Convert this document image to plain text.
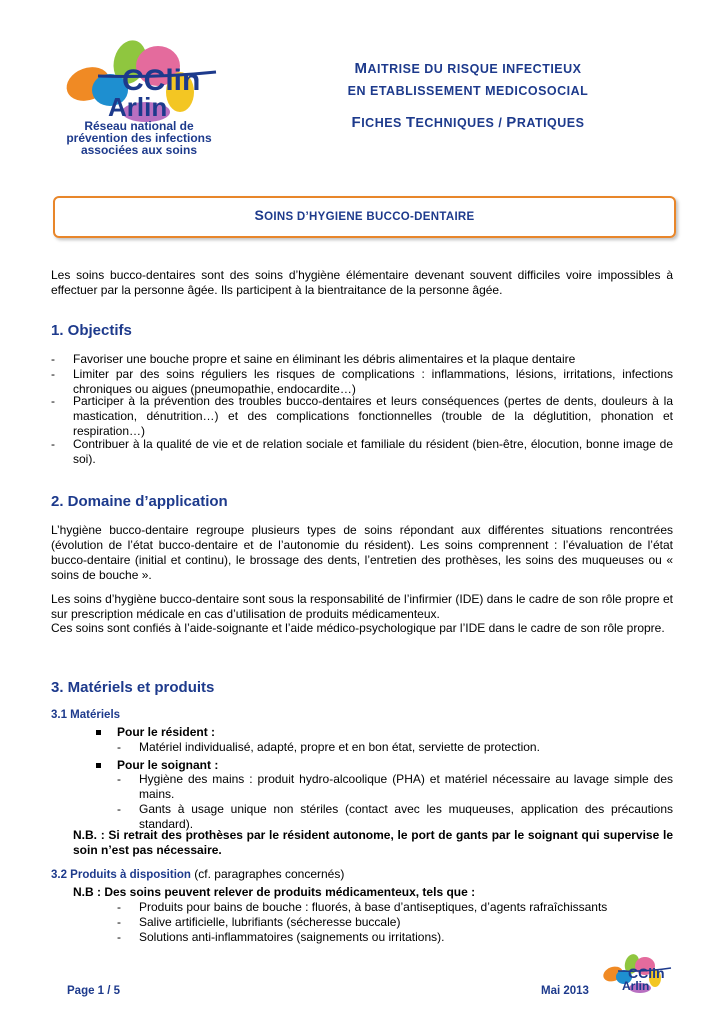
CClin
Arlin
Réseau national de
prévention des infections
associées aux soins
MAITRISE DU RISQUE INFECTIEUX
EN ETABLISSEMENT MEDICOSOCIAL
FICHES TECHNIQUES / PRATIQUES
SOINS D’HYGIENE BUCCO-DENTAIRE
Les soins bucco-dentaires sont des soins d’hygiène élémentaire devenant souvent difficiles voire impossibles à effectuer par la personne âgée. Ils participent à la bientraitance de la personne âgée.
1. Objectifs
- Favoriser une bouche propre et saine en éliminant les débris alimentaires et la plaque dentaire
- Limiter par des soins réguliers les risques de complications : inflammations, lésions, irritations, infections chroniques ou aigues (pneumopathie, endocardite…)
- Participer à la prévention des troubles bucco-dentaires et leurs conséquences (pertes de dents, douleurs à la mastication, dénutrition…) et des complications fonctionnelles (trouble de la déglutition, phonation et respiration…)
- Contribuer à la qualité de vie et de relation sociale et familiale du résident (bien-être, élocution, bonne image de soi).
2. Domaine d’application
L’hygiène bucco-dentaire regroupe plusieurs types de soins répondant aux différentes situations rencontrées (évolution de l’état bucco-dentaire et de l’autonomie du résident). Les soins comprennent : l’évaluation de l’état bucco-dentaire (initial et continu), le brossage des dents, l’entretien des prothèses, les soins des muqueuses ou « soins de bouche ».
Les soins d’hygiène bucco-dentaire sont sous la responsabilité de l’infirmier (IDE) dans le cadre de son rôle propre et sur prescription médicale en cas d’utilisation de produits médicamenteux.
Ces soins sont confiés à l’aide-soignante et l’aide médico-psychologique par l’IDE dans le cadre de son rôle propre.
3. Matériels et produits
3.1 Matériels
Pour le résident :
- Matériel individualisé, adapté, propre et en bon état, serviette de protection.
Pour le soignant :
- Hygiène des mains : produit hydro-alcoolique (PHA) et matériel nécessaire au lavage simple des mains.
- Gants à usage unique non stériles (contact avec les muqueuses, application des précautions standard).
N.B. : Si retrait des prothèses par le résident autonome, le port de gants par le soignant qui supervise le soin n’est pas nécessaire.
3.2 Produits à disposition (cf. paragraphes concernés)
N.B : Des soins peuvent relever de produits médicamenteux, tels que :
- Produits pour bains de bouche : fluorés, à base d’antiseptiques, d’agents rafraîchissants
- Salive artificielle, lubrifiants (sécheresse buccale)
- Solutions anti-inflammatoires (saignements ou irritations).
Page 1 / 5	Mai 2013
CClin
Arlin
